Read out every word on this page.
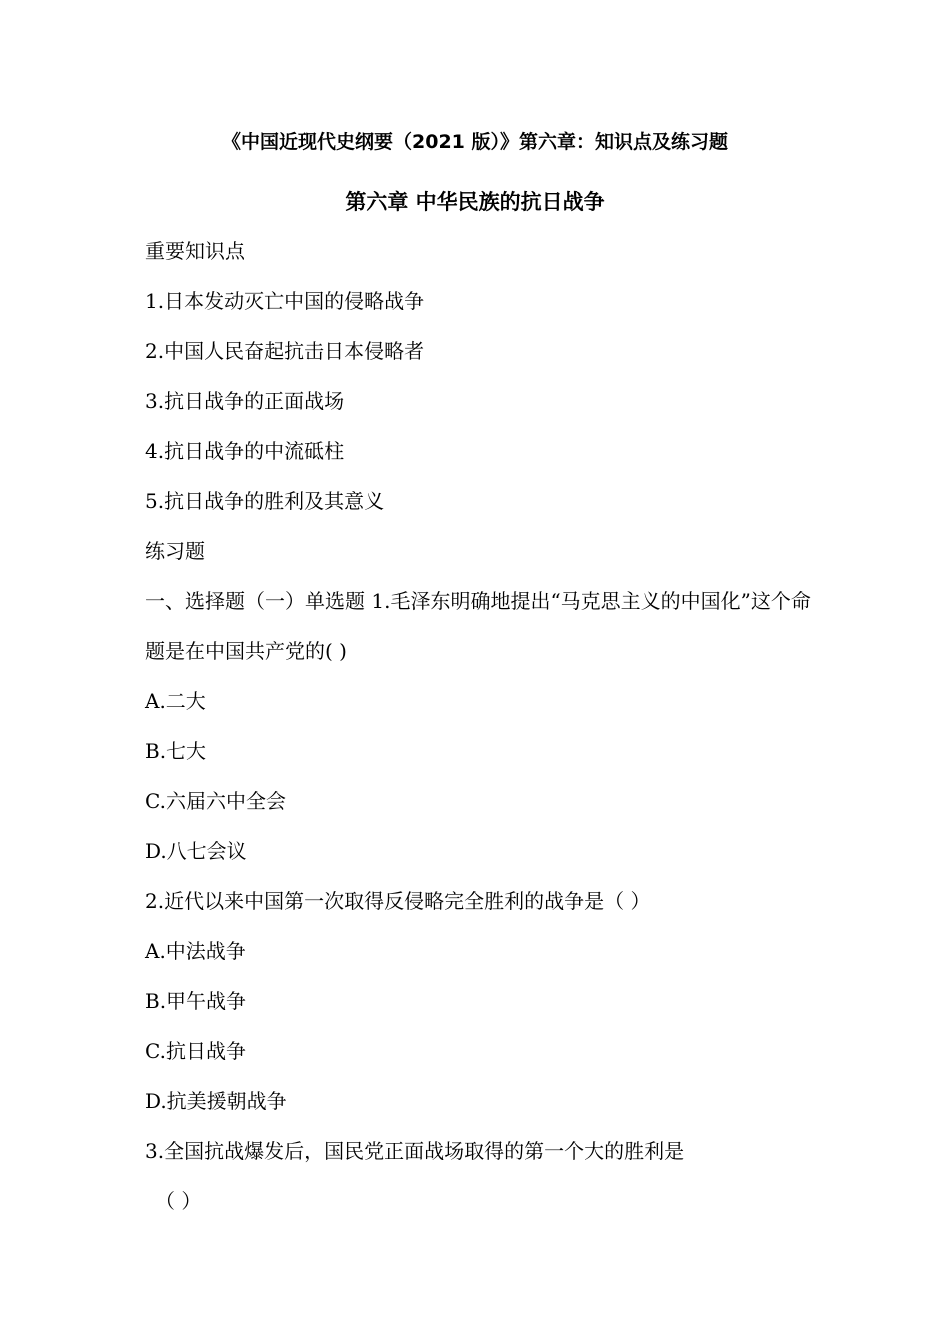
《中国近现代史纲要（2021 版）》第六章：知识点及练习题
第六章 中华民族的抗日战争
重要知识点
1.日本发动灭亡中国的侵略战争
2.中国人民奋起抗击日本侵略者
3.抗日战争的正面战场
4.抗日战争的中流砥柱
5.抗日战争的胜利及其意义
练习题
一、选择题（一）单选题 1.毛泽东明确地提出“马克思主义的中国化”这个命题是在中国共产党的( )
A.二大
B.七大
C.六届六中全会
D.八七会议
2.近代以来中国第一次取得反侵略完全胜利的战争是（ ）
A.中法战争
B.甲午战争
C.抗日战争
D.抗美援朝战争
3.全国抗战爆发后，国民党正面战场取得的第一个大的胜利是
（ ）
